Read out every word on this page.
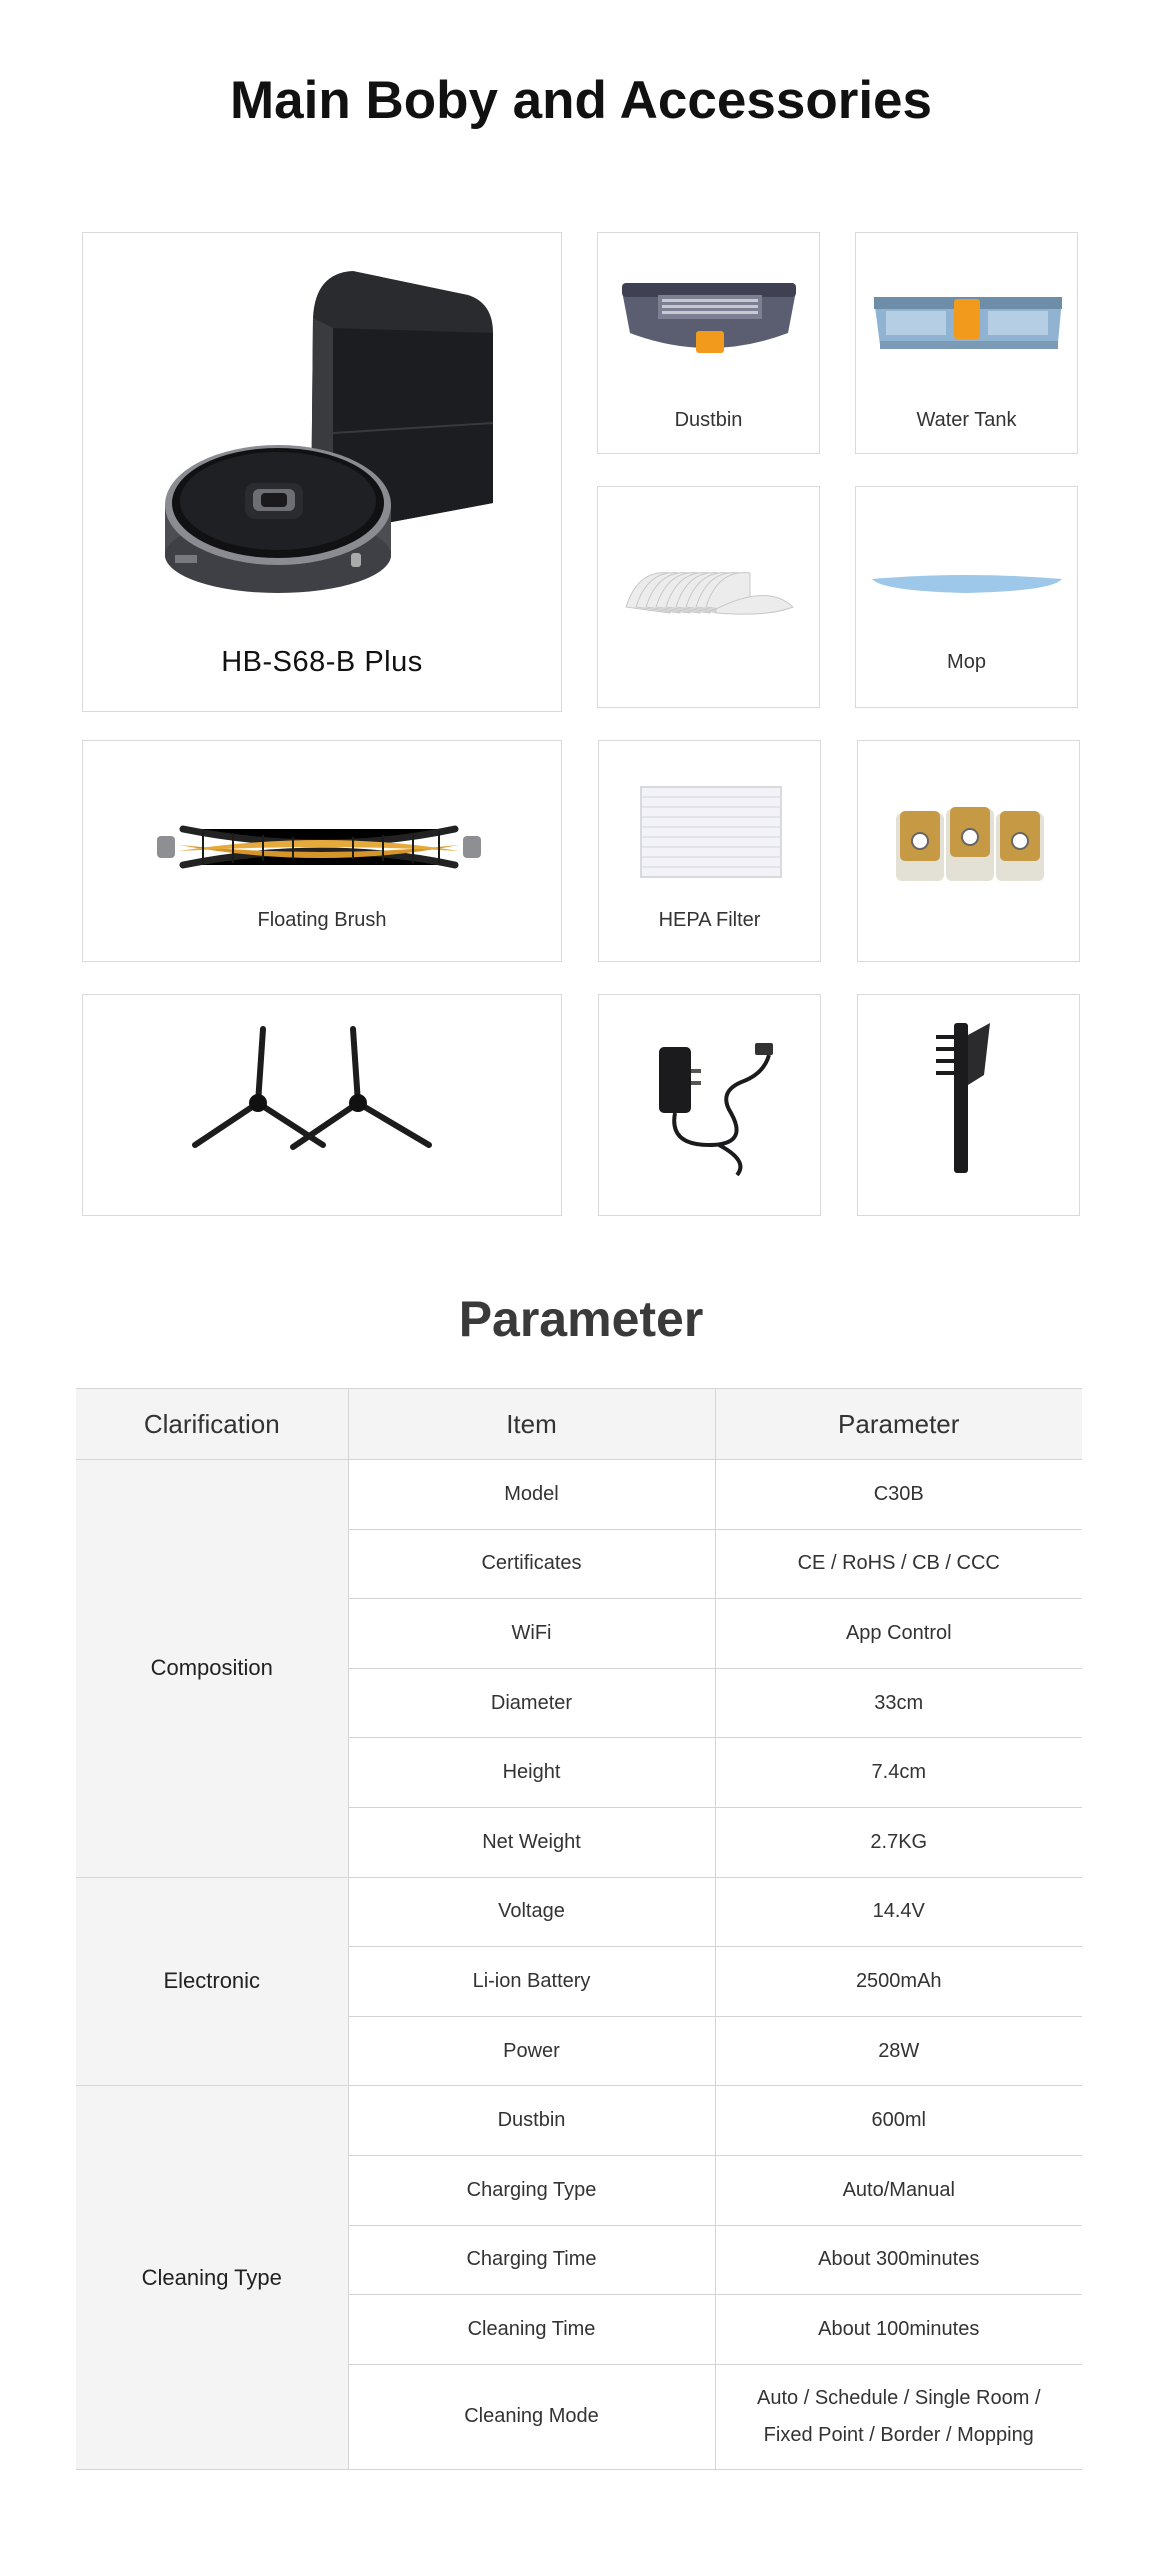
Main Boby and Accessories
HB-S68-B Plus
Dustbin	Water Tank
Mop
Floating Brush	HEPA Filter
Parameter
Clarification	Item	Parameter
Composition	Model	C30B
	Certificates	CE / RoHS / CB / CCC
	WiFi	App Control
	Diameter	33cm
	Height	7.4cm
	Net Weight	2.7KG
Electronic	Voltage	14.4V
	Li-ion Battery	2500mAh
	Power	28W
Cleaning Type	Dustbin	600ml
	Charging Type	Auto/Manual
	Charging Time	About 300minutes
	Cleaning Time	About 100minutes
	Cleaning Mode	Auto / Schedule / Single Room /
Fixed Point / Border / Mopping
